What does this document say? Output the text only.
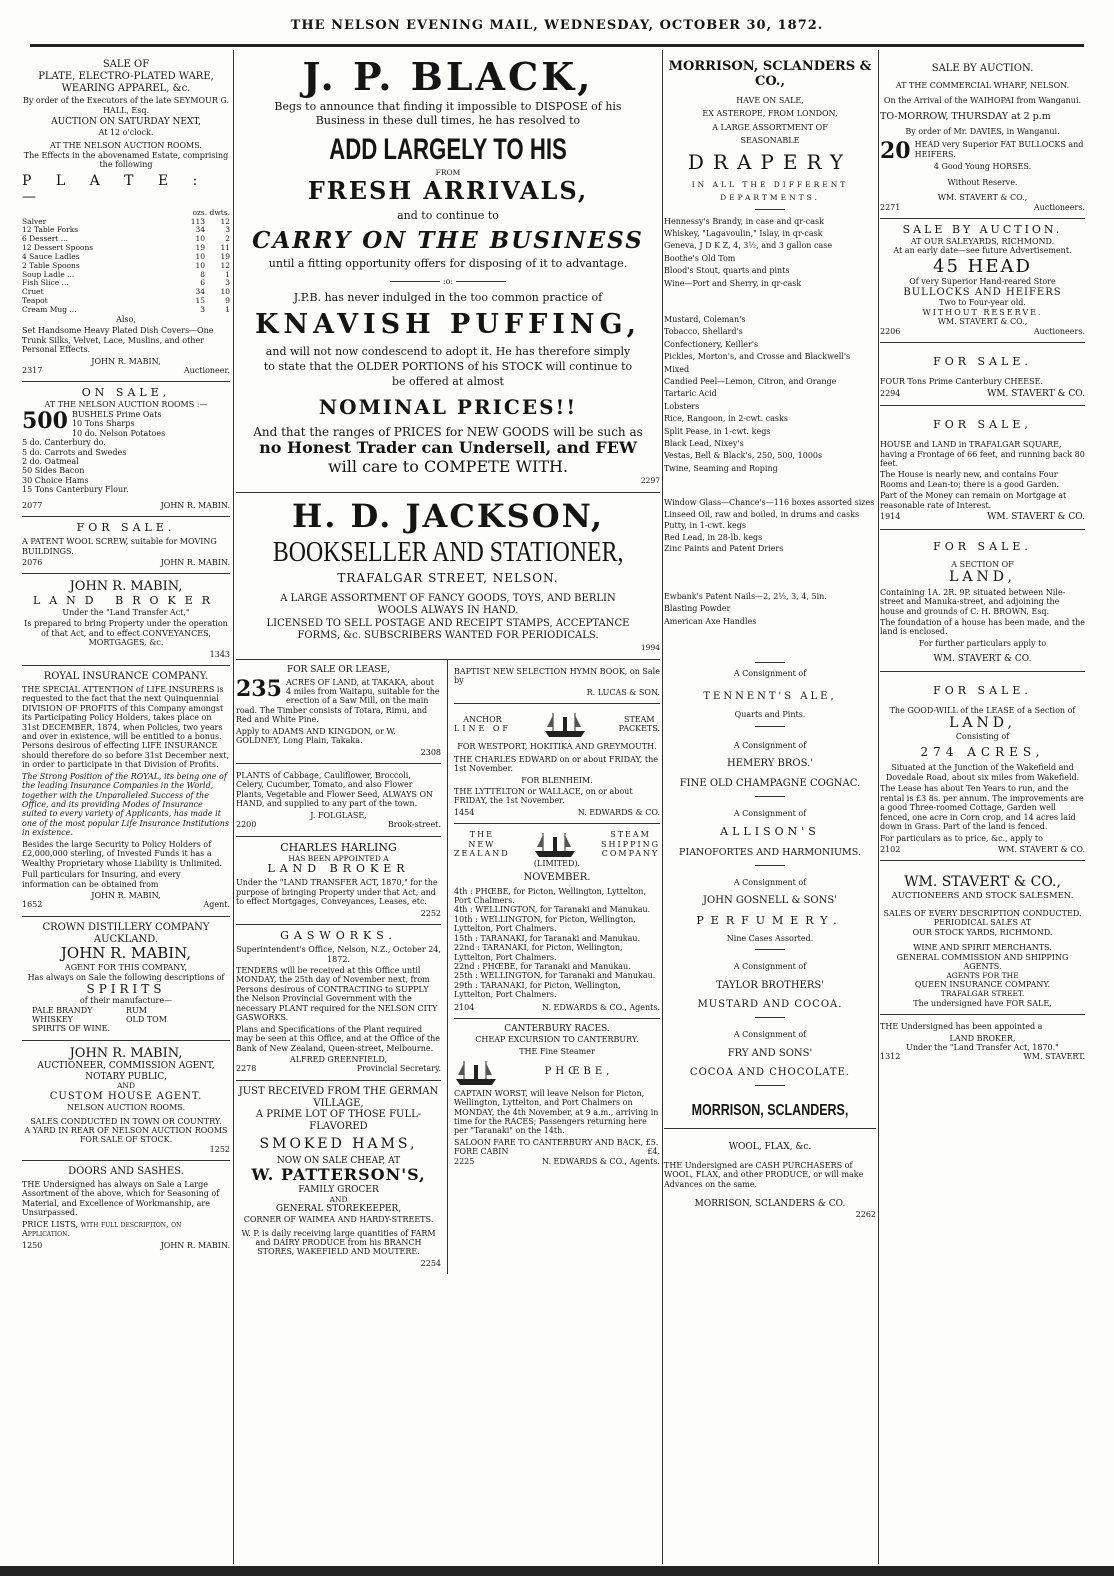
THE NELSON EVENING MAIL, WEDNESDAY, OCTOBER 30, 1872.
SALE OF
PLATE, ELECTRO-PLATED WARE,
WEARING APPAREL, &c.

By order of the Executors of the late SEYMOUR G. HALL, Esq.

AUCTION ON SATURDAY NEXT,
At 12 o'clock.
AT THE NELSON AUCTION ROOMS.
The Effects in the abovenamed Estate, comprising the following
P L A T E :—
ozs. dwts.
Salver	113	12
12 Table Forks	34	3
6 Dessert ...	10	2
12 Dessert Spoons	19	11
4 Sauce Ladles	10	19
2 Table Spoons	10	12
Soup Ladle ...	8	1
Fish Slice ...	6	3
Cruet	34	10
Teapot	15	9
Cream Mug ...	3	1
Also,

Set Handsome Heavy Plated Dish Covers—One Trunk Silks, Velvet, Lace, Muslins, and other Personal Effects.

JOHN R. MABIN,
2317	Auctioneer.
ON SALE,
AT THE NELSON AUCTION ROOMS :—
500 BUSHELS Prime Oats
10 Tons Sharps
10 do. Nelson Potatoes
5 do. Canterbury do.
5 do. Carrots and Swedes
2 do. Oatmeal
50 Sides Bacon
30 Choice Hams
15 Tons Canterbury Flour.
2077	JOHN R. MABIN.
FOR SALE.

A PATENT WOOL SCREW, suitable for MOVING BUILDINGS.

2076	JOHN R. MABIN.
JOHN R. MABIN,
LAND BROKER
Under the "Land Transfer Act,"

Is prepared to bring Property under the operation of that Act, and to effect CONVEYANCES, MORTGAGES, &c.

1343
ROYAL INSURANCE COMPANY.

THE SPECIAL ATTENTION of LIFE INSURERS is requested to the fact that the next Quinquennial DIVISION OF PROFITS of this Company amongst its Participating Policy Holders, takes place on 31st DECEMBER, 1874, when Policies, two years and over in existence, will be entitled to a bonus. Persons desirous of effecting LIFE INSURANCE should therefore do so before 31st December next, in order to participate in that Division of Profits.

The Strong Position of the ROYAL, its being one of the leading Insurance Companies in the World, together with the Unparalleled Success of the Office, and its providing Modes of Insurance suited to every variety of Applicants, has made it one of the most popular Life Insurance Institutions in existence.

Besides the large Security to Policy Holders of £2,000,000 sterling, of Invested Funds it has a Wealthy Proprietary whose Liability is Unlimited.

Full particulars for Insuring, and every information can be obtained from

JOHN R. MABIN,
1652	Agent.
CROWN DISTILLERY COMPANY AUCKLAND.
JOHN R. MABIN,
AGENT FOR THIS COMPANY,
Has always on Sale the following descriptions of
SPIRITS
of their manufacture—
PALE BRANDY	RUM
WHISKEY	OLD TOM
SPIRITS OF WINE.
JOHN R. MABIN,
AUCTIONEER, COMMISSION AGENT,
NOTARY PUBLIC,
AND
CUSTOM HOUSE AGENT.
NELSON AUCTION ROOMS.
SALES CONDUCTED IN TOWN OR COUNTRY.
A YARD IN REAR OF NELSON AUCTION ROOMS FOR SALE OF STOCK.
1252
DOORS AND SASHES.

THE Undersigned has always on Sale a Large Assortment of the above, which for Seasoning of Material, and Excellence of Workmanship, are Unsurpassed.

PRICE LISTS, with full description, on Application.

1250	JOHN R. MABIN.
J. P. BLACK,

Begs to announce that finding it impossible to DISPOSE of his Business in these dull times, he has resolved to

ADD LARGELY TO HIS
FROM
FRESH ARRIVALS,
and to continue to
CARRY ON THE BUSINESS
until a fitting opportunity offers for disposing of it to advantage.
:o:
J.P.B. has never indulged in the too common practice of
KNAVISH PUFFING,

and will not now condescend to adopt it. He has therefore simply to state that the OLDER PORTIONS of his STOCK will continue to be offered at almost

NOMINAL PRICES!!
And that the ranges of PRICES for NEW GOODS will be such as
no Honest Trader can Undersell, and FEW
will care to COMPETE WITH.
2297
H. D. JACKSON,
BOOKSELLER AND STATIONER,
TRAFALGAR STREET, NELSON.

A LARGE ASSORTMENT OF FANCY GOODS, TOYS, AND BERLIN WOOLS ALWAYS IN HAND.

LICENSED TO SELL POSTAGE AND RECEIPT STAMPS, ACCEPTANCE FORMS, &c. SUBSCRIBERS WANTED FOR PERIODICALS.

1994
FOR SALE OR LEASE,

235 ACRES OF LAND, at TAKAKA, about 4 miles from Waitapu, suitable for the erection of a Saw Mill, on the main road. The Timber consists of Totara, Rimu, and Red and White Pine.

Apply to ADAMS AND KINGDON, or W. GOLDNEY, Long Plain, Takaka.

2308

PLANTS of Cabbage, Cauliflower, Broccoli, Celery, Cucumber, Tomato, and also Flower Plants, Vegetable and Flower Seed, ALWAYS ON HAND, and supplied to any part of the town.

J. FOLGLASE,
2200	Brook-street.
CHARLES HARLING
HAS BEEN APPOINTED A
LAND BROKER

Under the "LAND TRANSFER ACT, 1870," for the purpose of bringing Property under that Act, and to effect Mortgages, Conveyances, Leases, etc.

2252
GASWORKS.

Superintendent's Office, Nelson, N.Z., October 24, 1872.

TENDERS will be received at this Office until MONDAY, the 25th day of November next, from Persons desirous of CONTRACTING to SUPPLY the Nelson Provincial Government with the necessary PLANT required for the NELSON CITY GASWORKS.

Plans and Specifications of the Plant required may be seen at this Office, and at the Office of the Bank of New Zealand, Queen-street, Melbourne.

ALFRED GREENFIELD,
2278	Provincial Secretary.
JUST RECEIVED FROM THE GERMAN VILLAGE,
A PRIME LOT OF THOSE FULL-FLAVORED
SMOKED HAMS,
NOW ON SALE CHEAP, AT
W. PATTERSON'S,
FAMILY GROCER
AND
GENERAL STOREKEEPER,
CORNER OF WAIMEA AND HARDY-STREETS.

W. P. is daily receiving large quantities of FARM and DAIRY PRODUCE from his BRANCH STORES, WAKEFIELD AND MOUTERE.

2254

BAPTIST NEW SELECTION HYMN BOOK, on Sale by

R. LUCAS & SON.
ANCHOR
LINE OF
STEAM
PACKETS.
FOR WESTPORT, HOKITIKA AND GREYMOUTH.

THE CHARLES EDWARD on or about FRIDAY, the 1st November.

FOR BLENHEIM.

THE LYTTELTON or WALLACE, on or about FRIDAY, the 1st November.

1454	N. EDWARDS & CO.
THE
NEW
ZEALAND
STEAM
SHIPPING
COMPANY
(LIMITED).
NOVEMBER.
4th : PHŒBE, for Picton, Wellington, Lyttelton, Port Chalmers.
4th : WELLINGTON, for Taranaki and Manukau.
10th : WELLINGTON, for Picton, Wellington, Lyttelton, Port Chalmers.
15th : TARANAKI, for Taranaki and Manukau.
22nd : TARANAKI, for Picton, Wellington, Lyttelton, Port Chalmers.
22nd : PHŒBE, for Taranaki and Manukau.
25th : WELLINGTON, for Taranaki and Manukau.
29th : TARANAKI, for Picton, Wellington, Lyttelton, Port Chalmers.
2104	N. EDWARDS & CO., Agents.
CANTERBURY RACES.
CHEAP EXCURSION TO CANTERBURY.
THE Fine Steamer
PHŒBE,

CAPTAIN WORST, will leave Nelson for Picton, Wellington, Lyttelton, and Port Chalmers on MONDAY, the 4th November, at 9 a.m., arriving in time for the RACES; Passengers returning here per "Taranaki" on the 14th.

SALOON FARE TO CANTERBURY AND BACK, £5.
FORE CABIN	£4.
2225	N. EDWARDS & CO., Agents.
MORRISON, SCLANDERS & CO.,
HAVE ON SALE,
EX ASTEROPE, FROM LONDON,
A LARGE ASSORTMENT OF
SEASONABLE
DRAPERY
IN ALL THE DIFFERENT
DEPARTMENTS.
Hennessy's Brandy, in case and qr-cask
Whiskey, "Lagavoulin," Islay, in qr-cask
Geneva, J D K Z, 4, 3½, and 3 gallon case
Boothe's Old Tom
Blood's Stout, quarts and pints
Wine—Port and Sherry, in qr-cask
Mustard, Coleman's
Tobacco, Shellard's
Confectionery, Keiller's
Pickles, Morton's, and Crosse and Blackwell's Mixed
Candied Peel—Lemon, Citron, and Orange
Tartaric Acid
Lobsters
Rice, Rangoon, in 2-cwt. casks
Split Pease, in 1-cwt. kegs
Black Lead, Nixey's
Vestas, Bell & Black's, 250, 500, 1000s
Twine, Seaming and Roping
Window Glass—Chance's—116 boxes assorted sizes
Linseed Oil, raw and boiled, in drums and casks
Putty, in 1-cwt. kegs
Red Lead, in 28-lb. kegs
Zinc Paints and Patent Driers
Ewbank's Patent Nails—2, 2½, 3, 4, 5in.
Blasting Powder
American Axe Handles
A Consignment of
TENNENT'S ALE,
Quarts and Pints.
A Consignment of
HEMERY BROS.'
FINE OLD CHAMPAGNE COGNAC.
A Consignment of
ALLISON'S
PIANOFORTES AND HARMONIUMS.
A Consignment of
JOHN GOSNELL & SONS'
PERFUMERY.
Nine Cases Assorted.
A Consignment of
TAYLOR BROTHERS'
MUSTARD AND COCOA.
A Consignment of
FRY AND SONS'
COCOA AND CHOCOLATE.
MORRISON, SCLANDERS,
WOOL, FLAX, &c.

THE Undersigned are CASH PURCHASERS of WOOL, FLAX, and other PRODUCE, or will make Advances on the same.

MORRISON, SCLANDERS & CO.
2262
SALE BY AUCTION.
AT THE COMMERCIAL WHARF, NELSON.
On the Arrival of the WAIHOPAI from Wanganui.
TO-MORROW, THURSDAY at 2 p.m
By order of Mr. DAVIES, in Wanganui.
20 HEAD very Superior FAT BULLOCKS and HEIFERS.
4 Good Young HORSES.
Without Reserve.
WM. STAVERT & CO.,
2271	Auctioneers.
SALE BY AUCTION.
AT OUR SALEYARDS, RICHMOND.
At an early date—see future Advertisement.
45 HEAD
Of very Superior Hand-reared Store
BULLOCKS AND HEIFERS
Two to Four-year old.
WITHOUT RESERVE.
WM. STAVERT & CO.,
2206	Auctioneers.
FOR SALE.

FOUR Tons Prime Canterbury CHEESE.

2294	WM. STAVERT & CO.
FOR SALE,

HOUSE and LAND in TRAFALGAR SQUARE, having a Frontage of 66 feet, and running back 80 feet.

The House is nearly new, and contains Four Rooms and Lean-to; there is a good Garden.

Part of the Money can remain on Mortgage at reasonable rate of Interest.

1914	WM. STAVERT & CO.
FOR SALE.
A SECTION OF
LAND,

Containing 1A. 2R. 9P. situated between Nile-street and Manuka-street, and adjoining the house and grounds of C. H. BROWN, Esq.

The foundation of a house has been made, and the land is enclosed.

For further particulars apply to

WM. STAVERT & CO.
FOR SALE.
The GOOD-WILL of the LEASE of a Section of
LAND,
Consisting of
274 ACRES,

Situated at the Junction of the Wakefield and Dovedale Road, about six miles from Wakefield.

The Lease has about Ten Years to run, and the rental is £3 8s. per annum. The improvements are a good Three-roomed Cottage, Garden well fenced, one acre in Corn crop, and 14 acres laid down in Grass. Part of the land is fenced.

For particulars as to price, &c., apply to

2102	WM. STAVERT & CO.
WM. STAVERT & CO.,
AUCTIONEERS AND STOCK SALESMEN.
SALES OF EVERY DESCRIPTION CONDUCTED.
PERIODICAL SALES AT
OUR STOCK YARDS, RICHMOND.
WINE AND SPIRIT MERCHANTS.
GENERAL COMMISSION AND SHIPPING AGENTS.
AGENTS FOR THE
QUEEN INSURANCE COMPANY.
TRAFALGAR STREET.
The undersigned have FOR SALE,

THE Undersigned has been appointed a

LAND BROKER,
Under the "Land Transfer Act, 1870."
1312	WM. STAVERT.
